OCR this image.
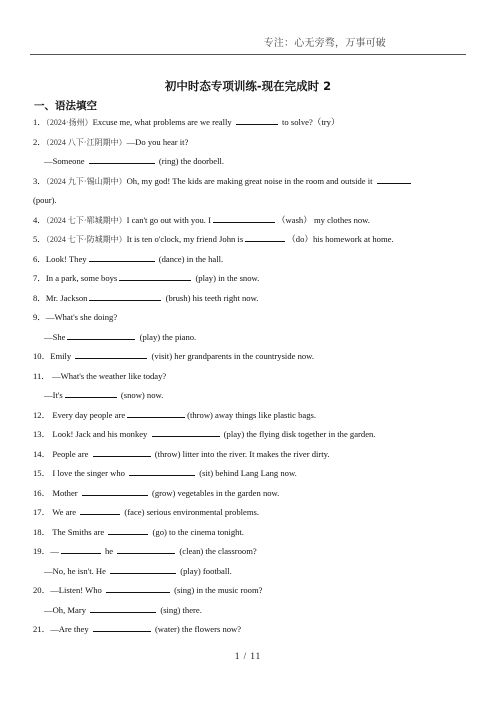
专注：心无旁骛，万事可破
初中时态专项训练-现在完成时 2
一、语法填空
1．（2024·扬州）Excuse me, what problems are we really	to solve?（try）
2．（2024 八下·江阴期中）—Do you hear it?
—Someone	(ring) the doorbell.
3．（2024 九下·锡山期中）Oh, my god! The kids are making great noise in the room and outside it
(pour).
4．（2024 七下·郓城期中）I can't go out with you. I	（wash） my clothes now.
5．（2024 七下·防城期中）It is ten o'clock, my friend John is	（do）his homework at home.
6．Look! They	(dance) in the hall.
7．In a park, some boys	(play) in the snow.
8．Mr. Jackson	(brush) his teeth right now.
9．—What's she doing?
—She	(play) the piano.
10．Emily	(visit) her grandparents in the countryside now.
11． —What's the weather like today?
—It's	(snow) now.
12． Every day people are	(throw) away things like plastic bags.
13． Look! Jack and his monkey	(play) the flying disk together in the garden.
14． People are	(throw) litter into the river. It makes the river dirty.
15． I love the singer who	(sit) behind Lang Lang now.
16． Mother	(grow) vegetables in the garden now.
17． We are	(face) serious environmental problems.
18． The Smiths are	(go) to the cinema tonight.
19．—	he	(clean) the classroom?
—No, he isn't. He	(play) football.
20．—Listen! Who	(sing) in the music room?
—Oh, Mary	(sing) there.
21．—Are they	(water) the flowers now?
1 / 11
